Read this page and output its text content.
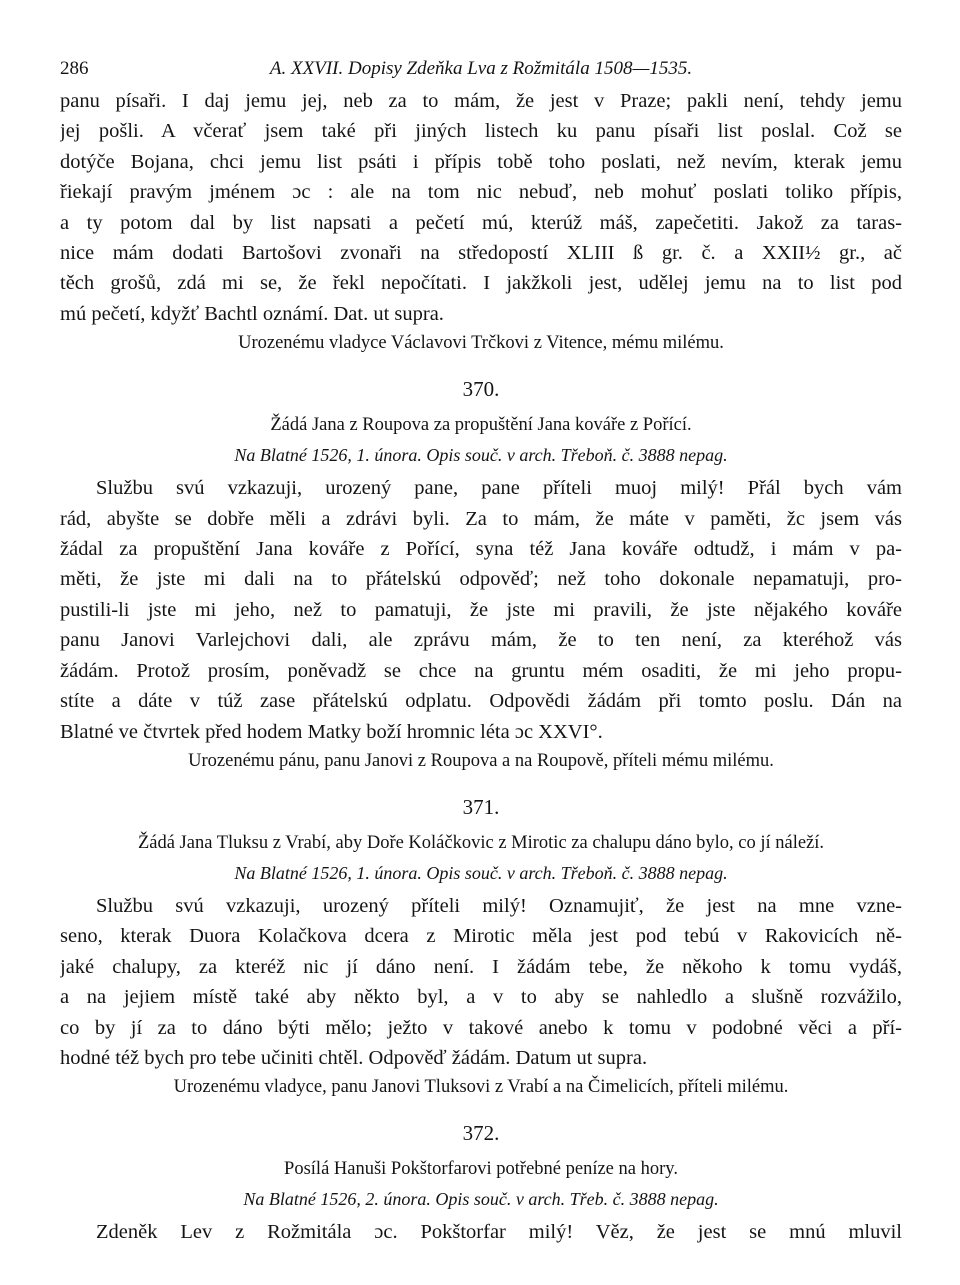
286	A. XXVII. Dopisy Zdeňka Lva z Rožmitála 1508—1535.
panu písaři. I daj jemu jej, neb za to mám, že jest v Praze; pakli není, tehdy jemu
jej pošli. A včerať jsem také při jiných listech ku panu písaři list poslal. Což se
dotýče Bojana, chci jemu list psáti i přípis tobě toho poslati, než nevím, kterak jemu
řiekají pravým jménem ɔc : ale na tom nic nebuď, neb mohuť poslati toliko přípis,
a ty potom dal by list napsati a pečetí mú, kterúž máš, zapečetiti. Jakož za taras-
nice mám dodati Bartošovi zvonaři na středopostí XLIII ß gr. č. a XXII½ gr., ač
těch grošů, zdá mi se, že řekl nepočítati. I jakžkoli jest, udělej jemu na to list pod
mú pečetí, kdyžť Bachtl oznámí. Dat. ut supra.

Urozenému vladyce Václavovi Trčkovi z Vitence, mému milému.

370.

Žádá Jana z Roupova za propuštění Jana kováře z Pořící.

Na Blatné 1526, 1. února. Opis souč. v arch. Třeboň. č. 3888 nepag.

Službu svú vzkazuji, urozený pane, pane příteli muoj milý! Přál bych vám
rád, abyšte se dobře měli a zdrávi byli. Za to mám, že máte v paměti, žc jsem vás
žádal za propuštění Jana kováře z Pořící, syna též Jana kováře odtudž, i mám v pa-
měti, že jste mi dali na to přátelskú odpověď; než toho dokonale nepamatuji, pro-
pustili-li jste mi jeho, než to pamatuji, že jste mi pravili, že jste nějakého kováře
panu Janovi Varlejchovi dali, ale zprávu mám, že to ten není, za kteréhož vás
žádám. Protož prosím, poněvadž se chce na gruntu mém osaditi, že mi jeho propu-
stíte a dáte v túž zase přátelskú odplatu. Odpovědi žádám při tomto poslu. Dán na
Blatné ve čtvrtek před hodem Matky boží hromnic léta ɔc XXVI°.

Urozenému pánu, panu Janovi z Roupova a na Roupově, příteli mému milému.

371.

Žádá Jana Tluksu z Vrabí, aby Doře Koláčkovic z Mirotic za chalupu dáno bylo, co jí náleží.

Na Blatné 1526, 1. února. Opis souč. v arch. Třeboň. č. 3888 nepag.

Službu svú vzkazuji, urozený příteli milý! Oznamujiť, že jest na mne vzne-
seno, kterak Duora Kolačkova dcera z Mirotic měla jest pod tebú v Rakovicích ně-
jaké chalupy, za kteréž nic jí dáno není. I žádám tebe, že někoho k tomu vydáš,
a na jejiem místě také aby někto byl, a v to aby se nahledlo a slušně rozvážilo,
co by jí za to dáno býti mělo; ježto v takové anebo k tomu v podobné věci a pří-
hodné též bych pro tebe učiniti chtěl. Odpověď žádám. Datum ut supra.

Urozenému vladyce, panu Janovi Tluksovi z Vrabí a na Čimelicích, příteli milému.

372.

Posílá Hanuši Pokštorfarovi potřebné peníze na hory.

Na Blatné 1526, 2. února. Opis souč. v arch. Třeb. č. 3888 nepag.

Zdeněk Lev z Rožmitála ɔc. Pokštorfar milý! Věz, že jest se mnú mluvil
